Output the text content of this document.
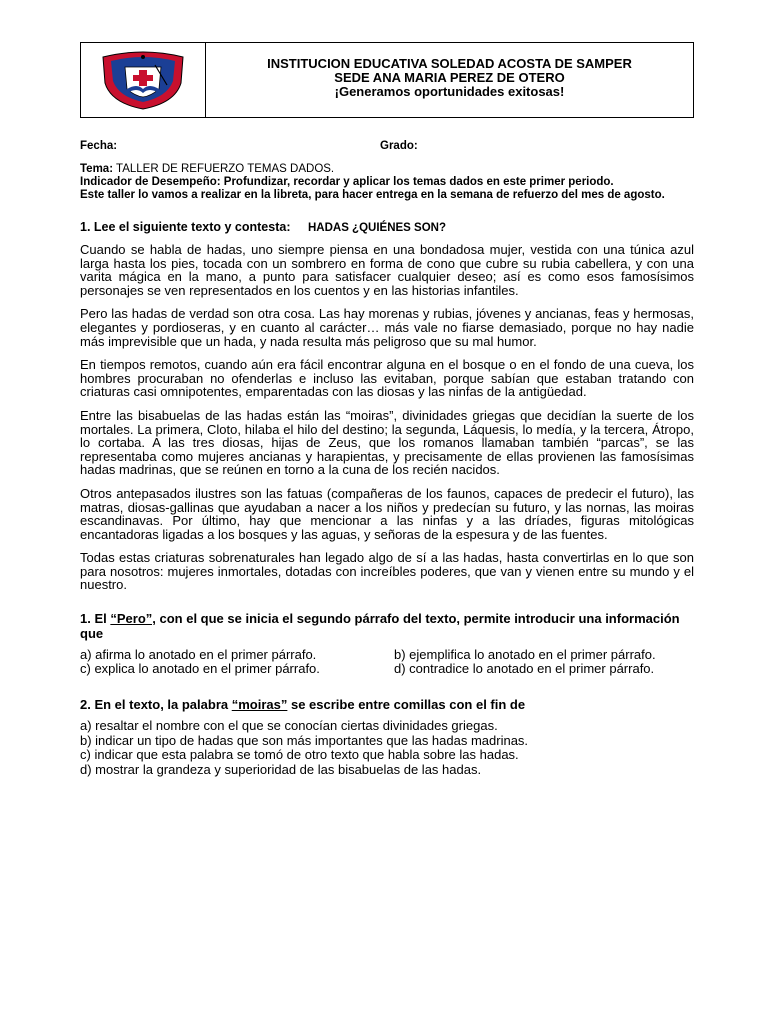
INSTITUCION EDUCATIVA SOLEDAD ACOSTA DE SAMPER
SEDE ANA MARIA PEREZ DE OTERO
¡Generamos oportunidades exitosas!
Fecha:	Grado:
Tema: TALLER DE REFUERZO TEMAS DADOS.
Indicador de Desempeño: Profundizar, recordar y aplicar los temas dados en este primer periodo.
Este taller lo vamos a realizar en la libreta, para hacer entrega en la semana de refuerzo del mes de agosto.
1. Lee el siguiente texto y contesta: HADAS ¿QUIÉNES SON?

Cuando se habla de hadas, uno siempre piensa en una bondadosa mujer, vestida con una túnica azul larga hasta los pies, tocada con un sombrero en forma de cono que cubre su rubia cabellera, y con una varita mágica en la mano, a punto para satisfacer cualquier deseo; así es como esos famosísimos personajes se ven representados en los cuentos y en las historias infantiles.

Pero las hadas de verdad son otra cosa. Las hay morenas y rubias, jóvenes y ancianas, feas y hermosas, elegantes y pordioseras, y en cuanto al carácter… más vale no fiarse demasiado, porque no hay nadie más imprevisible que un hada, y nada resulta más peligroso que su mal humor.

En tiempos remotos, cuando aún era fácil encontrar alguna en el bosque o en el fondo de una cueva, los hombres procuraban no ofenderlas e incluso las evitaban, porque sabían que estaban tratando con criaturas casi omnipotentes, emparentadas con las diosas y las ninfas de la antigüedad.

Entre las bisabuelas de las hadas están las “moiras”, divinidades griegas que decidían la suerte de los mortales. La primera, Cloto, hilaba el hilo del destino; la segunda, Láquesis, lo medía, y la tercera, Átropo, lo cortaba. A las tres diosas, hijas de Zeus, que los romanos llamaban también “parcas”, se las representaba como mujeres ancianas y harapientas, y precisamente de ellas provienen las famosísimas hadas madrinas, que se reúnen en torno a la cuna de los recién nacidos.

Otros antepasados ilustres son las fatuas (compañeras de los faunos, capaces de predecir el futuro), las matras, diosas-gallinas que ayudaban a nacer a los niños y predecían su futuro, y las nornas, las moiras escandinavas. Por último, hay que mencionar a las ninfas y a las dríades, figuras mitológicas encantadoras ligadas a los bosques y las aguas, y señoras de la espesura y de las fuentes.

Todas estas criaturas sobrenaturales han legado algo de sí a las hadas, hasta convertirlas en lo que son para nosotros: mujeres inmortales, dotadas con increíbles poderes, que van y vienen entre su mundo y el nuestro.

1. El “Pero”, con el que se inicia el segundo párrafo del texto, permite introducir una información que
a) afirma lo anotado en el primer párrafo.	b) ejemplifica lo anotado en el primer párrafo.
c) explica lo anotado en el primer párrafo.	d) contradice lo anotado en el primer párrafo.
2. En el texto, la palabra “moiras” se escribe entre comillas con el fin de
a) resaltar el nombre con el que se conocían ciertas divinidades griegas.
b) indicar un tipo de hadas que son más importantes que las hadas madrinas.
c) indicar que esta palabra se tomó de otro texto que habla sobre las hadas.
d) mostrar la grandeza y superioridad de las bisabuelas de las hadas.
